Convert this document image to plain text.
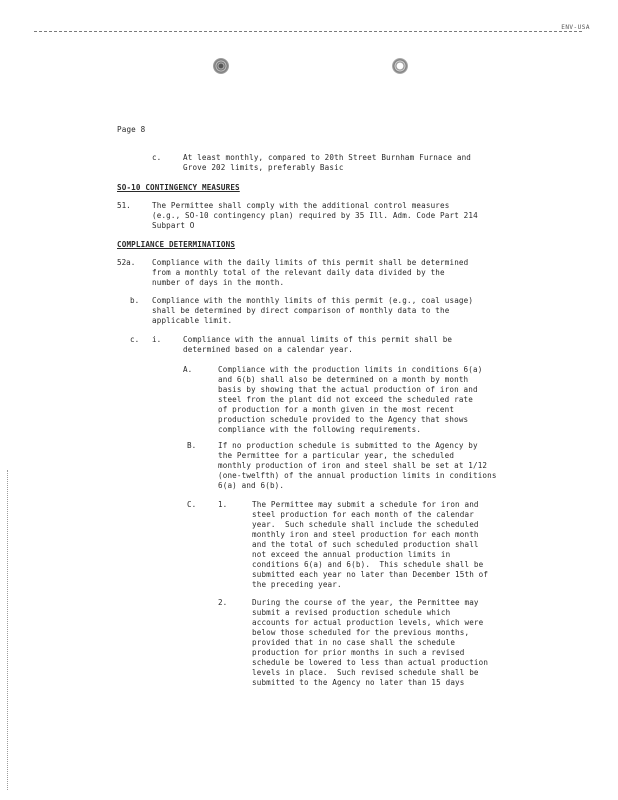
ENV-USA
Page 8
c.	At least monthly, compared to 20th Street Burnham Furnace and
Grove 202 limits, preferably Basic
SO-10 CONTINGENCY MEASURES
51.	The Permittee shall comply with the additional control measures
(e.g., SO-10 contingency plan) required by 35 Ill. Adm. Code Part 214
Subpart O
COMPLIANCE DETERMINATIONS
52a. Compliance with the daily limits of this permit shall be determined
from a monthly total of the relevant daily data divided by the
number of days in the month.
b. Compliance with the monthly limits of this permit (e.g., coal usage)
shall be determined by direct comparison of monthly data to the
applicable limit.
c. i.	Compliance with the annual limits of this permit shall be
determined based on a calendar year.
A.	Compliance with the production limits in conditions 6(a)
and 6(b) shall also be determined on a month by month
basis by showing that the actual production of iron and
steel from the plant did not exceed the scheduled rate
of production for a month given in the most recent
production schedule provided to the Agency that shows
compliance with the following requirements.
B.	If no production schedule is submitted to the Agency by
the Permittee for a particular year, the scheduled
monthly production of iron and steel shall be set at 1/12
(one-twelfth) of the annual production limits in conditions
6(a) and 6(b).
C.	1.	The Permittee may submit a schedule for iron and
steel production for each month of the calendar
year.  Such schedule shall include the scheduled
monthly iron and steel production for each month
and the total of such scheduled production shall
not exceed the annual production limits in
conditions 6(a) and 6(b).  This schedule shall be
submitted each year no later than December 15th of
the preceding year.
2.	During the course of the year, the Permittee may
submit a revised production schedule which
accounts for actual production levels, which were
below those scheduled for the previous months,
provided that in no case shall the schedule
production for prior months in such a revised
schedule be lowered to less than actual production
levels in place.  Such revised schedule shall be
submitted to the Agency no later than 15 days
